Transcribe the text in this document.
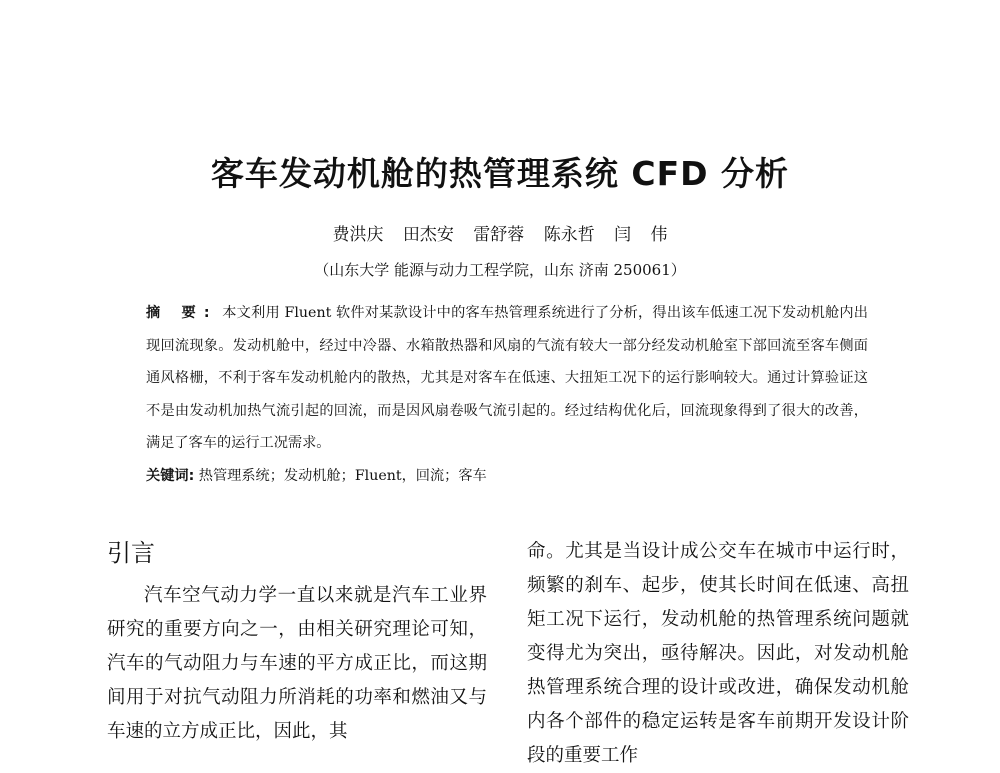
客车发动机舱的热管理系统 CFD 分析
费洪庆 田杰安 雷舒蓉 陈永哲 闫 伟
（山东大学 能源与动力工程学院，山东 济南 250061）
摘 要: 本文利用 Fluent 软件对某款设计中的客车热管理系统进行了分析，得出该车低速工况下发动机舱内出现回流现象。发动机舱中，经过中冷器、水箱散热器和风扇的气流有较大一部分经发动机舱室下部回流至客车侧面通风格栅，不利于客车发动机舱内的散热，尤其是对客车在低速、大扭矩工况下的运行影响较大。通过计算验证这不是由发动机加热气流引起的回流，而是因风扇卷吸气流引起的。经过结构优化后，回流现象得到了很大的改善，满足了客车的运行工况需求。
关键词: 热管理系统；发动机舱；Fluent，回流；客车
引言

汽车空气动力学一直以来就是汽车工业界研究的重要方向之一，由相关研究理论可知，汽车的气动阻力与车速的平方成正比，而这期间用于对抗气动阻力所消耗的功率和燃油又与车速的立方成正比，因此，其

命。尤其是当设计成公交车在城市中运行时，频繁的刹车、起步，使其长时间在低速、高扭矩工况下运行，发动机舱的热管理系统问题就变得尤为突出，亟待解决。因此，对发动机舱热管理系统合理的设计或改进，确保发动机舱内各个部件的稳定运转是客车前期开发设计阶段的重要工作
